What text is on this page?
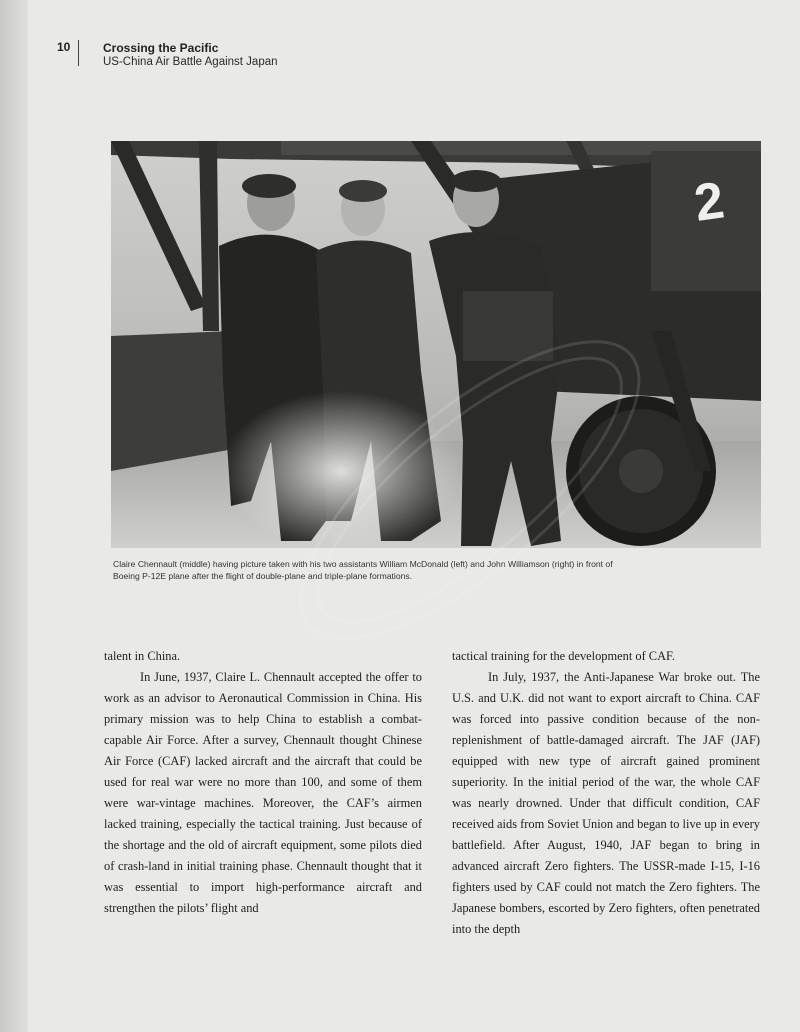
10	Crossing the Pacific
US-China Air Battle Against Japan
2
Claire Chennault (middle) having picture taken with his two assistants William McDonald (left) and John Williamson (right) in front of
Boeing P-12E plane after the flight of double-plane and triple-plane formations.

talent in China.

In June, 1937, Claire L. Chennault accepted the offer to work as an advisor to Aeronautical Commission in China. His primary mission was to help China to establish a combat-capable Air Force. After a survey, Chennault thought Chinese Air Force (CAF) lacked aircraft and the aircraft that could be used for real war were no more than 100, and some of them were war-vintage machines. Moreover, the CAF’s airmen lacked training, especially the tactical training. Just because of the shortage and the old of aircraft equipment, some pilots died of crash-land in initial training phase. Chennault thought that it was essential to import high-performance aircraft and strengthen the pilots’ flight and

tactical training for the development of CAF.

In July, 1937, the Anti-Japanese War broke out. The U.S. and U.K. did not want to export aircraft to China. CAF was forced into passive condition because of the non-replenishment of battle-damaged aircraft. The JAF (JAF) equipped with new type of aircraft gained prominent superiority. In the initial period of the war, the whole CAF was nearly drowned. Under that difficult condition, CAF received aids from Soviet Union and began to live up in every battlefield. After August, 1940, JAF began to bring in advanced aircraft Zero fighters. The USSR-made I-15, I-16 fighters used by CAF could not match the Zero fighters. The Japanese bombers, escorted by Zero fighters, often penetrated into the depth
